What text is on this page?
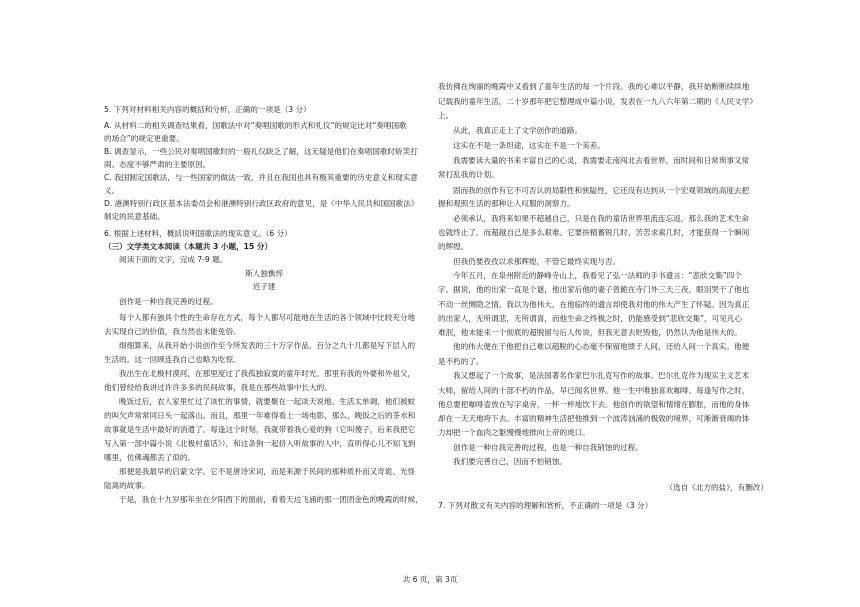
5. 下列对材料相关内容的概括和分析，正确的一项是（3 分）
A. 从材料二的相关调查结果看，国歌法中对“奏唱国歌的形式和礼仪”的规定比对“奏唱国歌
的场合”的规定更重要。
B. 调查显示，一些公民对奏唱国歌时的一般礼仪缺乏了解，这无疑是他们在奏唱国歌时矫笑打
闹、态度不够严肃的主要原因。
C. 我国制定国歌法，与一些国家的做法一致，并且在我国也具有极其重要的历史意义和现实意
义。
D. 港澳特别行政区基本法委员会和港澳特别行政区政府的意见，是《中华人民共和国国歌法》
制定的民意基础。
6. 根据上述材料，概括说明国歌法的现实意义。（6 分）
（三）文学类文本阅读（本题共 3 小题，15 分）
阅读下面的文字，完成 7-9 题。
斯人独憔悴
迟子建
创作是一种自我完善的过程。
每个人都有独具个性的生命存在方式，每个人都尽可能地在生活的各个领域中比较充分地
去实现自己的价值，我当然也未能免俗。
细细算来，从我开始小说创作至今所发表的三十万字作品，百分之九十几都是写下层人的
生活的。这一回顾连我自己也略为吃惊。
我出生在北极村漠河，在那里度过了我孤独寂寞的童年时光。那里有我的外婆和外祖父，
他们曾经给我讲过许许多多的民间故事，我是在那些故事中长大的。
晚饭过后，农人家里忙过了该忙的事情，就要聚在一起谈天说地。生活太单调，他们被蚊
的叫欠声常常同日头一起落山。而且，那里一年难得看上一场电影，那么，晚饭之后的茶水和
故事就是生活中最好的消遣了。每逢这个时刻，我就带着我心爱的狗（它叫傻子，后来我把它
写入第一部中篇小说《北极村童话》），和这条狗一起挤入听故事的人中，直听得心儿不知飞到
哪里，仿佛魂都丢了似的。
那便是我最早的启蒙文学。它不是唐诗宋词，而是来源于民间的那种质朴而又奇诡、光怪
陆离的故事。
于是，我在十九岁那年坐在夕阳西下的窗前，看着天边飞涌的那一团团金色的晚霞的时候，
我仿佛在绚丽的晚霞中又看到了童年生活的每一个片段。我的心难以平静，我开始断断续续地
记载我的童年生活，二十岁那年把它整理成中篇小说，发表在一九八六年第二期的《人民文学》
上。
从此，我真正走上了文学创作的道路。
这实在不是一条坦途，这实在不是一个美差。
我需要读大量的书来丰富自己的心灵，我需要走南闯北去看世界，而时间和日常琐事又常
常打乱我的计划。
固而我的创作有它不可否认的局限性和狭隘性，它还没有达到从一个宏观领域的高度去把
握和观照生活的那种让人叹服的洞察力。
必须承认，我将来如果不超越自己，只是在我的童话世界里流连忘返，那么我的艺术生命
也就终止了。而超越自己是多么艰难。它要拚精蓄锐几时、苦苦求索几时，才能获得一个瞬间
的辉煌。
但我仍要孜孜以求那辉煌，不管它最终实现与否。
今年五月，在泉州附近的静峰寺山上，我看见了弘一法师的手书遗言：“悲欣交集”四个
字。据说，他的出家一直是个谜，他出家后他的妻子曾跪在寺门外三天三夜，眼泪哭干了他也
不动一丝恻隐之情。我以为他伟大，在他临终的遗言却使我对他的伟大产生了怀疑。因为真正
的出家人，无所谓悲，无所谓喜，而他生命之终极之时，仍能感受到“悲欣交集”，可见凡心
难泯，他未能来一个彻底的超脱留与后人传说，但我无意去贬毁他，仍然认为他是伟大的。
他的伟大便在于他把自己难以超脱的心态毫不保留地馈于人间，还给人间一个真实。他便
是不朽的了。
我又想起了一个故事，是法国著名作家巴尔扎克写作的故事。巴尔扎克作为现实主义艺术
大师，留给人间的十部不朽的作品，早已闻名世界。他一生中唯独喜欢咖啡。每逢写作之时，
他总要把咖啡壶放在写字桌旁，一杯一杯地饮下去。他创作的欲望和情绪在膨胀，而他的身体
却在一天天地垮下去。丰富的精神生活把他推到一个波涛汹涌的极致的境界，可渐渐衰竭的体
力却把一个血肉之躯慢慢地推向上帝的虎口。
创作是一种自我完善的过程，也是一种自我销蚀的过程。
我们要完善自己，因而不怕销蚀。
（选自《北方的盐》，有删改）
7. 下列对散文有关内容的理解和赏析，不正确的一项是（3 分）
共 6 页，第 3页
